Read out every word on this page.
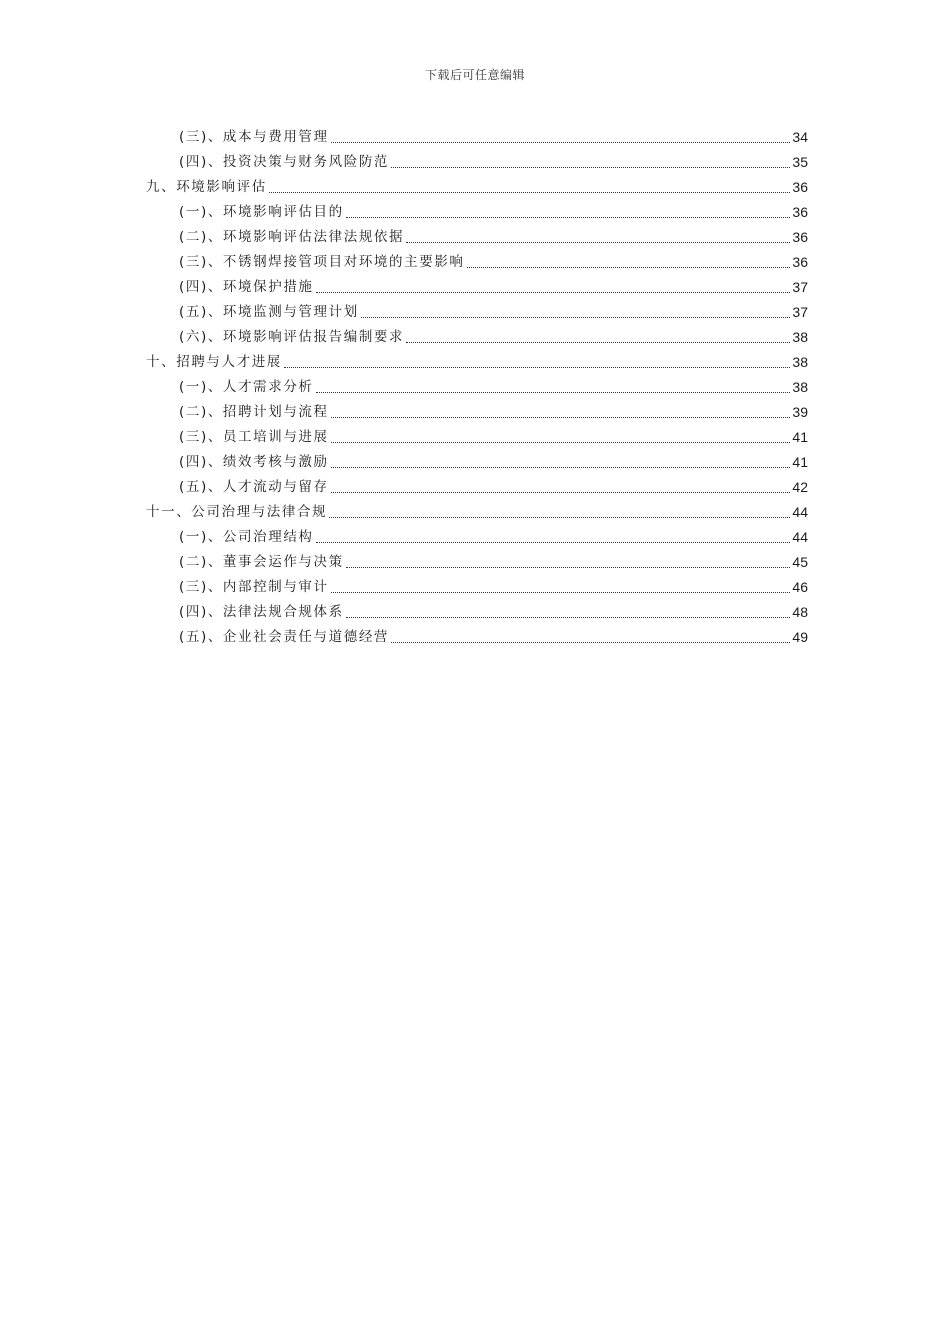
下载后可任意编辑
(三)、成本与费用管理	34
(四)、投资决策与财务风险防范	35
九、环境影响评估	36
(一)、环境影响评估目的	36
(二)、环境影响评估法律法规依据	36
(三)、不锈钢焊接管项目对环境的主要影响	36
(四)、环境保护措施	37
(五)、环境监测与管理计划	37
(六)、环境影响评估报告编制要求	38
十、招聘与人才进展	38
(一)、人才需求分析	38
(二)、招聘计划与流程	39
(三)、员工培训与进展	41
(四)、绩效考核与激励	41
(五)、人才流动与留存	42
十一、公司治理与法律合规	44
(一)、公司治理结构	44
(二)、董事会运作与决策	45
(三)、内部控制与审计	46
(四)、法律法规合规体系	48
(五)、企业社会责任与道德经营	49
